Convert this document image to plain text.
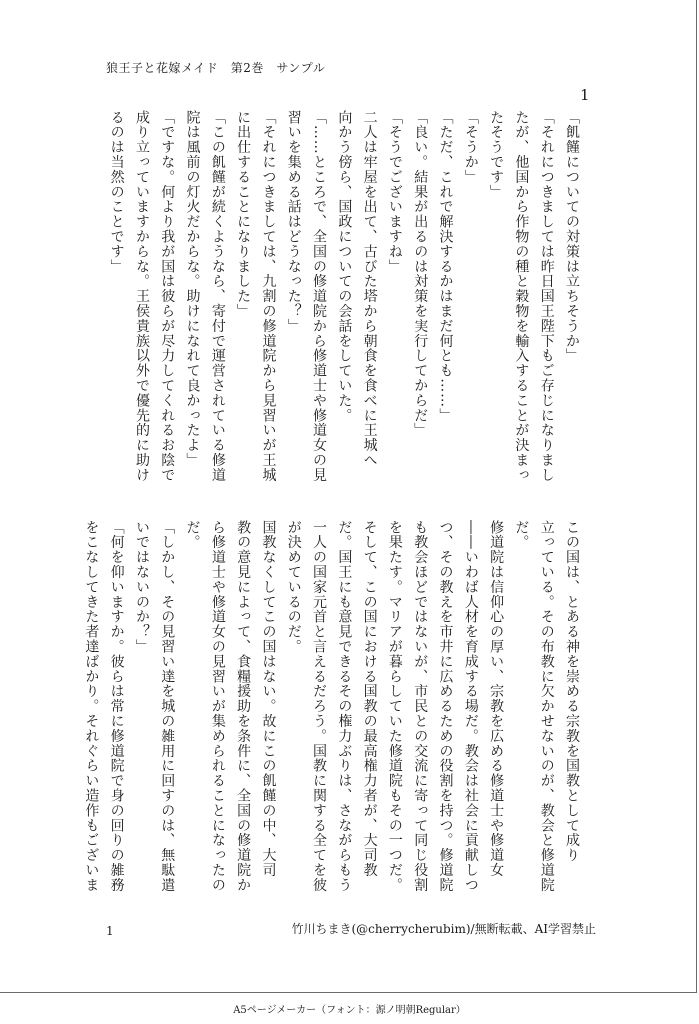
狼王子と花嫁メイド　第2巻　サンプル
1
「飢饉についての対策は立ちそうか」
「それにつきましては昨日国王陛下もご存じになりまし
たが、他国から作物の種と穀物を輸入することが決まっ
たそうです」
「そうか」
「ただ、これで解決するかはまだ何とも……」
「良い。結果が出るのは対策を実行してからだ」
「そうでございますね」
二人は牢屋を出て、古びた塔から朝食を食べに王城へ
向かう傍ら、国政についての会話をしていた。
「……ところで、全国の修道院から修道士や修道女の見
習いを集める話はどうなった？」
「それにつきましては、九割の修道院から見習いが王城
に出仕することになりました」
「この飢饉が続くようなら、寄付で運営されている修道
院は風前の灯火だからな。助けになれて良かったよ」
「ですな。何より我が国は彼らが尽力してくれるお陰で
成り立っていますからな。王侯貴族以外で優先的に助け
るのは当然のことです」
この国は、とある神を崇める宗教を国教として成り
立っている。その布教に欠かせないのが、教会と修道院
だ。
修道院は信仰心の厚い、宗教を広める修道士や修道女
――いわば人材を育成する場だ。教会は社会に貢献しつ
つ、その教えを市井に広めるための役割を持つ。修道院
も教会ほどではないが、市民との交流に寄って同じ役割
を果たす。マリアが暮らしていた修道院もその一つだ。
そして、この国における国教の最高権力者が、大司教
だ。国王にも意見できるその権力ぶりは、さながらもう
一人の国家元首と言えるだろう。国教に関する全てを彼
が決めているのだ。
国教なくしてこの国はない。故にこの飢饉の中、大司
教の意見によって、食糧援助を条件に、全国の修道院か
ら修道士や修道女の見習いが集められることになったの
だ。
「しかし、その見習い達を城の雑用に回すのは、無駄遣
いではないのか？」
「何を仰いますか。彼らは常に修道院で身の回りの雑務
をこなしてきた者達ばかり。それぐらい造作もございま
1	竹川ちまき(@cherrycherubim)/無断転載、AI学習禁止
A5ページメーカー（フォント：源ノ明朝Regular）
